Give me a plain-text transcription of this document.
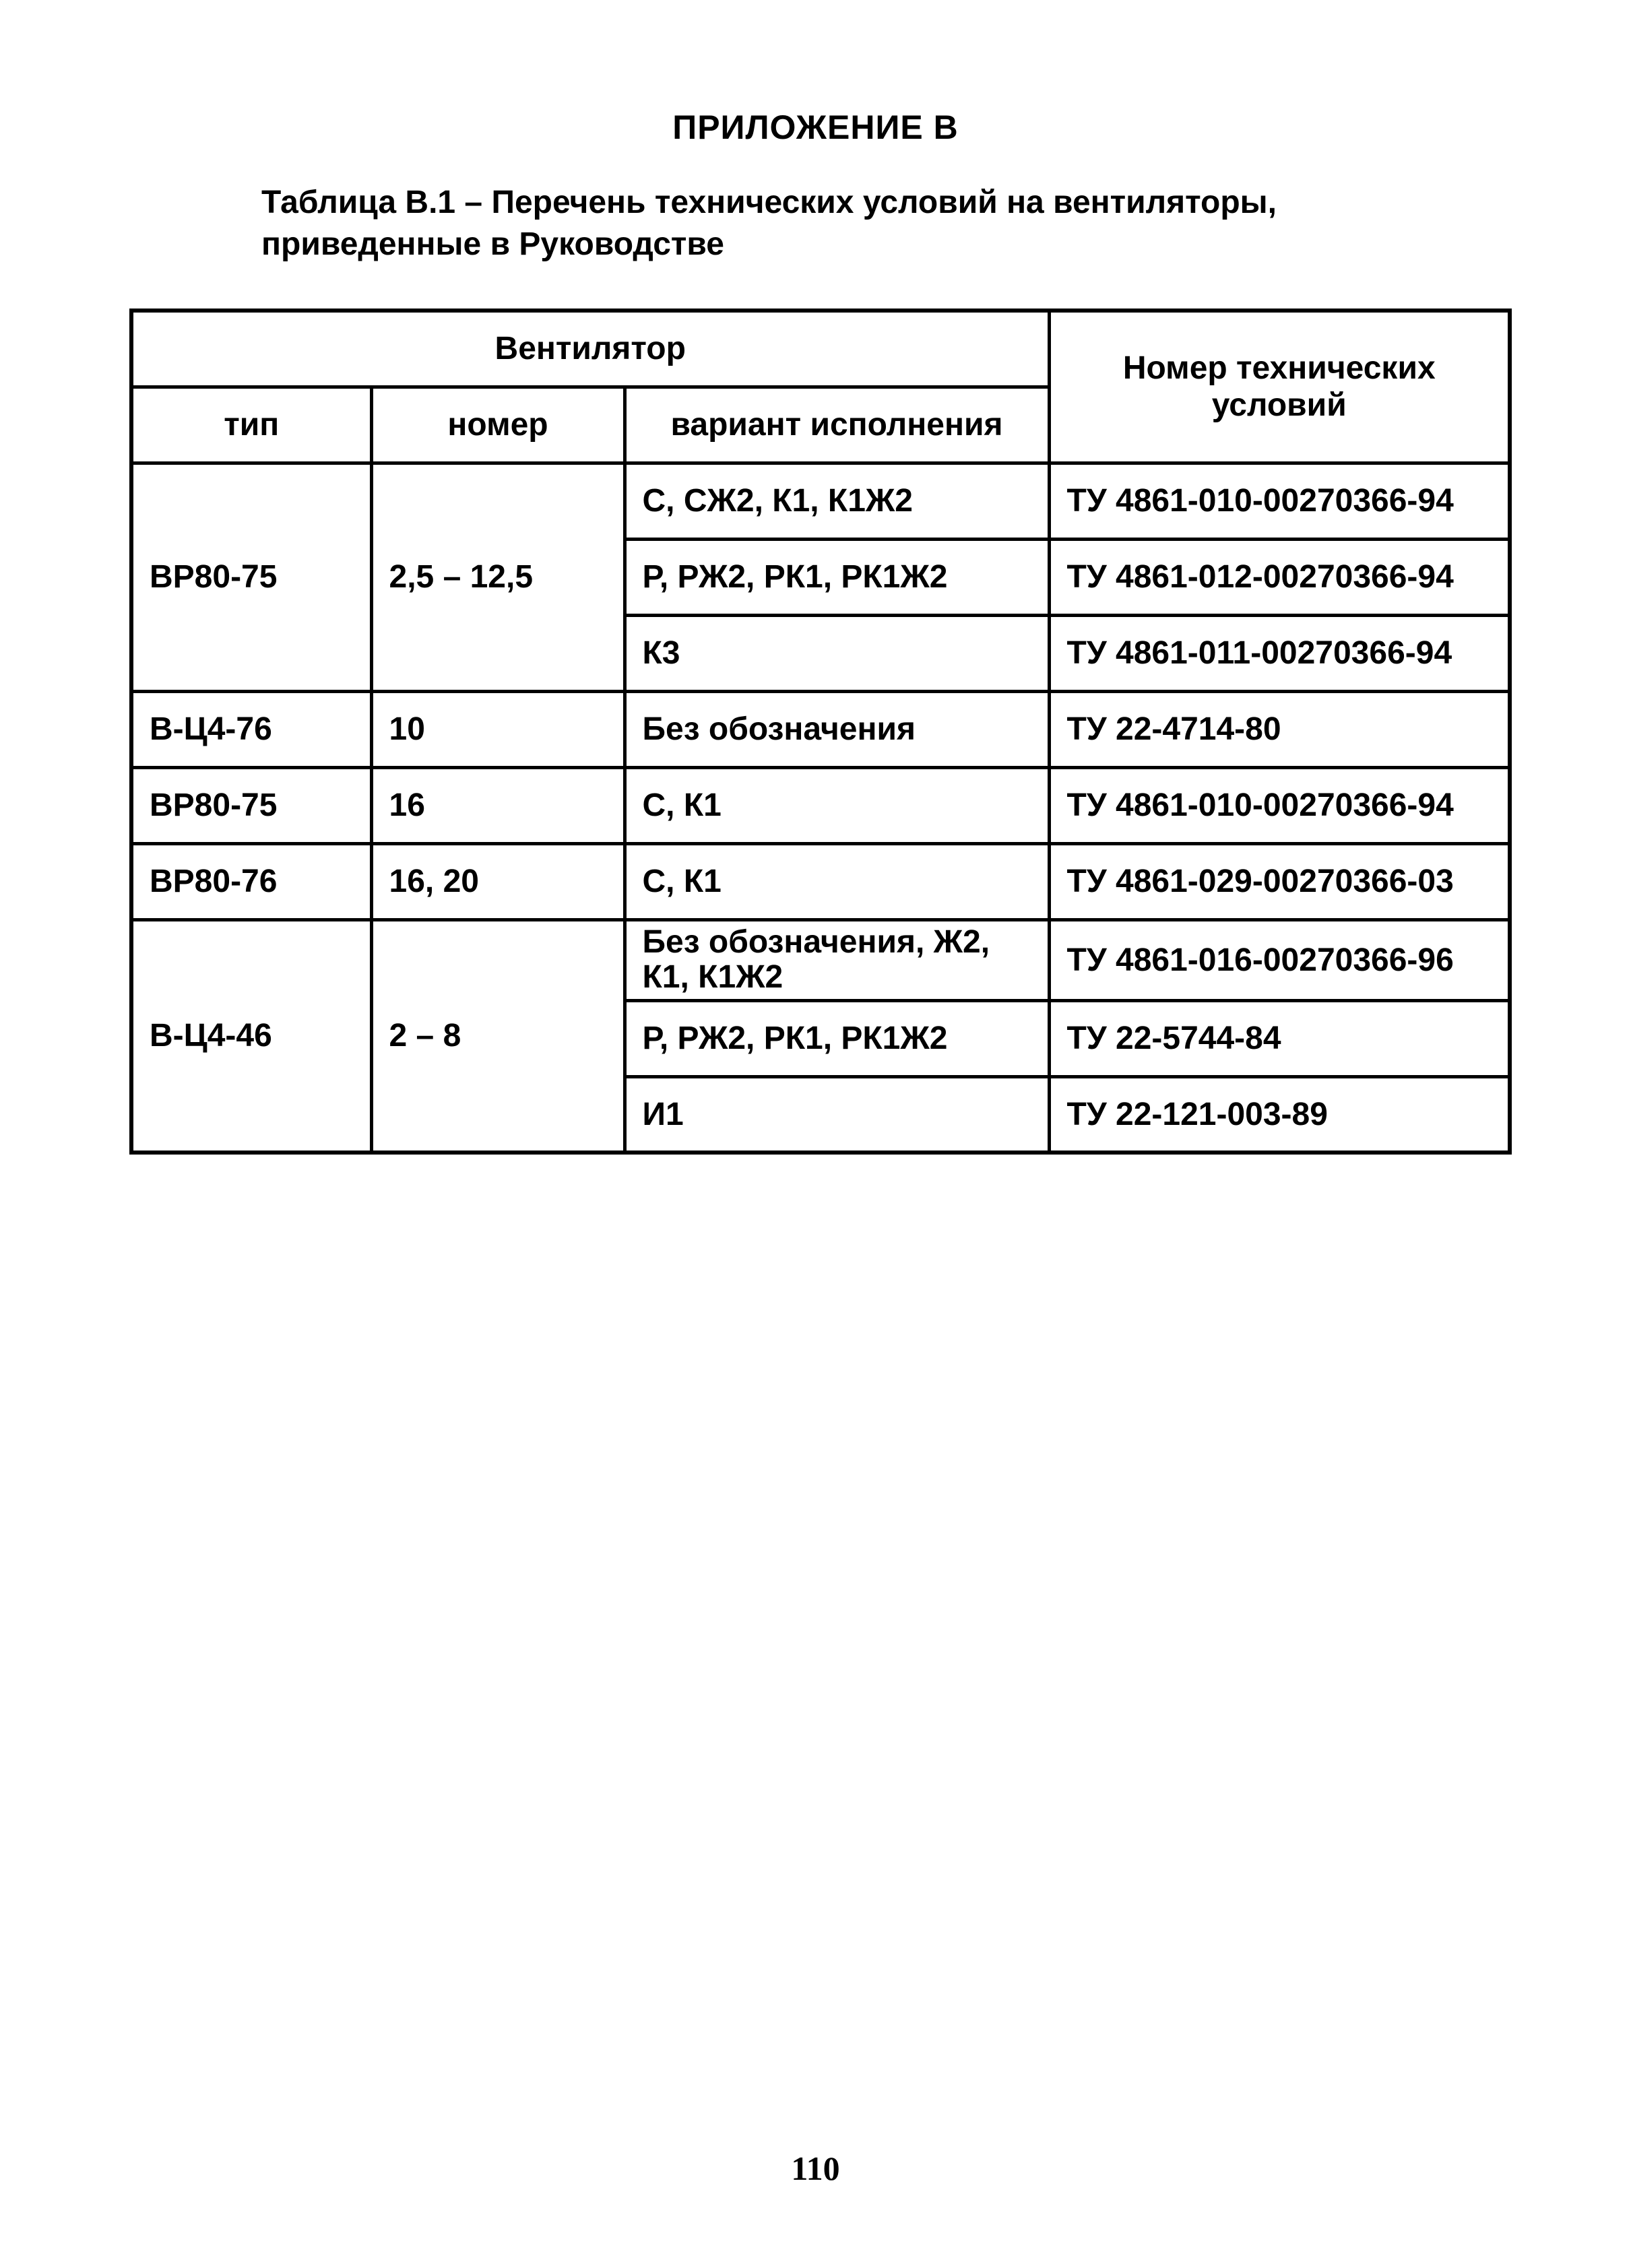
ПРИЛОЖЕНИЕ В
Таблица В.1 – Перечень технических условий на вентиляторы, приведенные в Руководстве
Вентилятор			Номер технических условий
тип	номер	вариант исполнения	
ВР80-75	2,5 – 12,5	С, СЖ2, К1, К1Ж2	ТУ 4861-010-00270366-94
		Р, РЖ2, РК1, РК1Ж2	ТУ 4861-012-00270366-94
		К3	ТУ 4861-011-00270366-94
В-Ц4-76	10	Без обозначения	ТУ 22-4714-80
ВР80-75	16	С, К1	ТУ 4861-010-00270366-94
ВР80-76	16, 20	С, К1	ТУ 4861-029-00270366-03
В-Ц4-46	2 – 8	Без обозначения, Ж2, К1, К1Ж2	ТУ 4861-016-00270366-96
		Р, РЖ2, РК1, РК1Ж2	ТУ 22-5744-84
		И1	ТУ 22-121-003-89
110
